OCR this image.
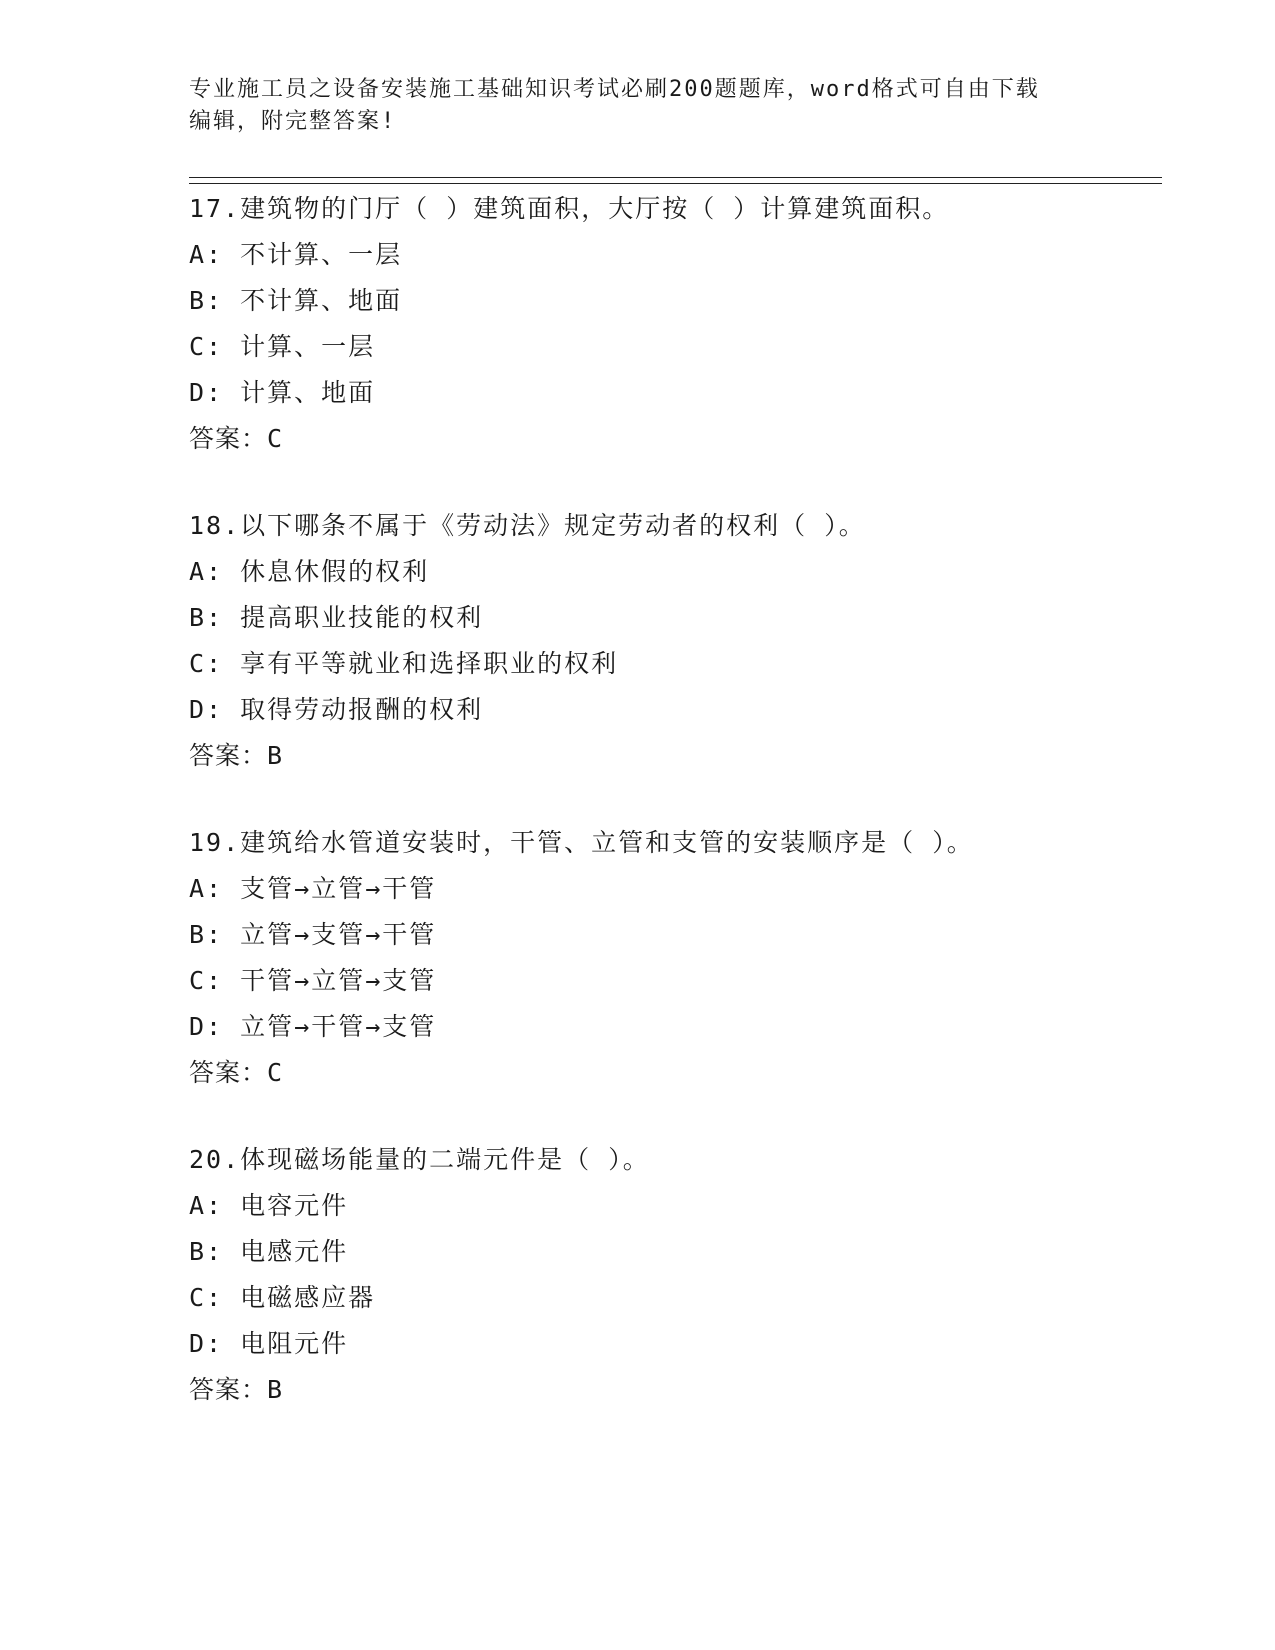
专业施工员之设备安装施工基础知识考试必刷200题题库，word格式可自由下载
编辑，附完整答案!
17.建筑物的门厅（ ）建筑面积，大厅按（ ）计算建筑面积。
A: 不计算、一层
B: 不计算、地面
C: 计算、一层
D: 计算、地面
答案：C
18.以下哪条不属于《劳动法》规定劳动者的权利（ ）。
A: 休息休假的权利
B: 提高职业技能的权利
C: 享有平等就业和选择职业的权利
D: 取得劳动报酬的权利
答案：B
19.建筑给水管道安装时，干管、立管和支管的安装顺序是（ ）。
A: 支管→立管→干管
B: 立管→支管→干管
C: 干管→立管→支管
D: 立管→干管→支管
答案：C
20.体现磁场能量的二端元件是（ ）。
A: 电容元件
B: 电感元件
C: 电磁感应器
D: 电阻元件
答案：B
